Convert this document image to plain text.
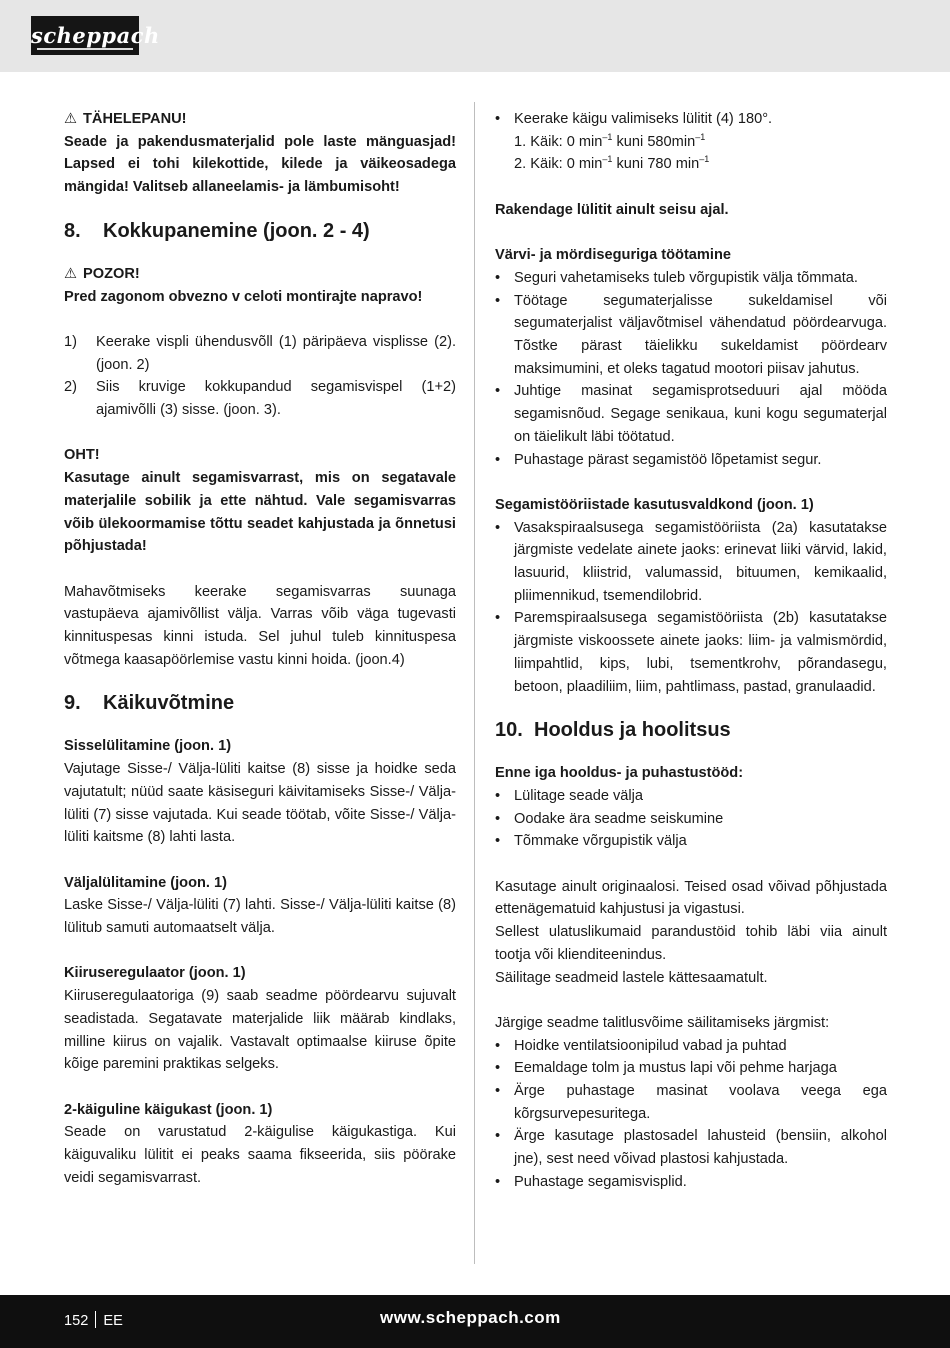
scheppach

⚠ TÄHELEPANU!

Seade ja pakendusmaterjalid pole laste mänguasjad! Lapsed ei tohi kilekottide, kilede ja väikeosadega mängida! Valitseb allaneelamis- ja lämbumisoht!

8. Kokkupanemine (joon. 2 - 4)

⚠ POZOR!

Pred zagonom obvezno v celoti montirajte napravo!

1) Keerake vispli ühendusvõll (1) päripäeva visplisse (2). (joon. 2)
2) Siis kruvige kokkupandud segamisvispel (1+2) ajamivõlli (3) sisse. (joon. 3).

OHT!

Kasutage ainult segamisvarrast, mis on segatavale materjalile sobilik ja ette nähtud. Vale segamisvarras võib ülekoormamise tõttu seadet kahjustada ja õnnetusi põhjustada!

Mahavõtmiseks keerake segamisvarras suunaga vastupäeva ajamivõllist välja. Varras võib väga tugevasti kinnituspesas kinni istuda. Sel juhul tuleb kinnituspesa võtmega kaasapöörlemise vastu kinni hoida. (joon.4)

9. Käikuvõtmine

Sisselülitamine (joon. 1)

Vajutage Sisse-/ Välja-lüliti kaitse (8) sisse ja hoidke seda vajutatult; nüüd saate käsiseguri käivitamiseks Sisse-/ Välja-lüliti (7) sisse vajutada. Kui seade töötab, võite Sisse-/ Välja-lüliti kaitsme (8) lahti lasta.

Väljalülitamine (joon. 1)

Laske Sisse-/ Välja-lüliti (7) lahti. Sisse-/ Välja-lüliti kaitse (8) lülitub samuti automaatselt välja.

Kiiruseregulaator (joon. 1)

Kiiruseregulaatoriga (9) saab seadme pöördearvu sujuvalt seadistada. Segatavate materjalide liik määrab kindlaks, milline kiirus on vajalik. Vastavalt optimaalse kiiruse õpite kõige paremini praktikas selgeks.

2-käiguline käigukast (joon. 1)

Seade on varustatud 2-käigulise käigukastiga. Kui käiguvaliku lülitit ei peaks saama fikseerida, siis pöörake veidi segamisvarrast.

• Keerake käigu valimiseks lülitit (4) 180°.

1. Käik: 0 $\min^{-1}$ kuni $580\min^{-1}$

2. Käik: 0 $\min^{-1}$ kuni 780 $\min^{-1}$

Rakendage lülitit ainult seisu ajal.

Värvi- ja mördiseguriga töötamine

• Seguri vahetamiseks tuleb võrgupistik välja tõmmata.
• Töötage segumaterjalisse sukeldamisel või segumaterjalist väljavõtmisel vähendatud pöördearvuga. Tõstke pärast täielikku sukeldamist pöördearv maksimumini, et oleks tagatud mootori piisav jahutus.
• Juhtige masinat segamisprotseduuri ajal mööda segamisnõud. Segage senikaua, kuni kogu segumaterjal on täielikult läbi töötatud.
• Puhastage pärast segamistöö lõpetamist segur.

Segamistööriistade kasutusvaldkond (joon. 1)

• Vasakspiraalsusega segamistööriista (2a) kasutatakse järgmiste vedelate ainete jaoks: erinevat liiki värvid, lakid, lasuurid, kliistrid, valumassid, bituumen, kemikaalid, pliimennikud, tsemendilobrid.
• Paremspiraalsusega segamistööriista (2b) kasutatakse järgmiste viskoossete ainete jaoks: liim- ja valmismördid, liimpahtlid, kips, lubi, tsementkrohv, põrandasegu, betoon, plaadiliim, liim, pahtlimass, pastad, granulaadid.

10. Hooldus ja hoolitsus

Enne iga hooldus- ja puhastustööd:

• Lülitage seade välja
• Oodake ära seadme seiskumine
• Tõmmake võrgupistik välja

Kasutage ainult originaalosi. Teised osad võivad põhjustada ettenägematuid kahjustusi ja vigastusi.

Sellest ulatuslikumaid parandustöid tohib läbi viia ainult tootja või klienditeenindus.

Säilitage seadmeid lastele kättesaamatult.

Järgige seadme talitlusvõime säilitamiseks järgmist:

• Hoidke ventilatsioonipilud vabad ja puhtad
• Eemaldage tolm ja mustus lapi või pehme harjaga
• Ärge puhastage masinat voolava veega ega kõrgsurvepesuritega.
• Ärge kasutage plastosadel lahusteid (bensiin, alkohol jne), sest need võivad plastosi kahjustada.
• Puhastage segamisvisplid.
152 EE	www.scheppach.com
